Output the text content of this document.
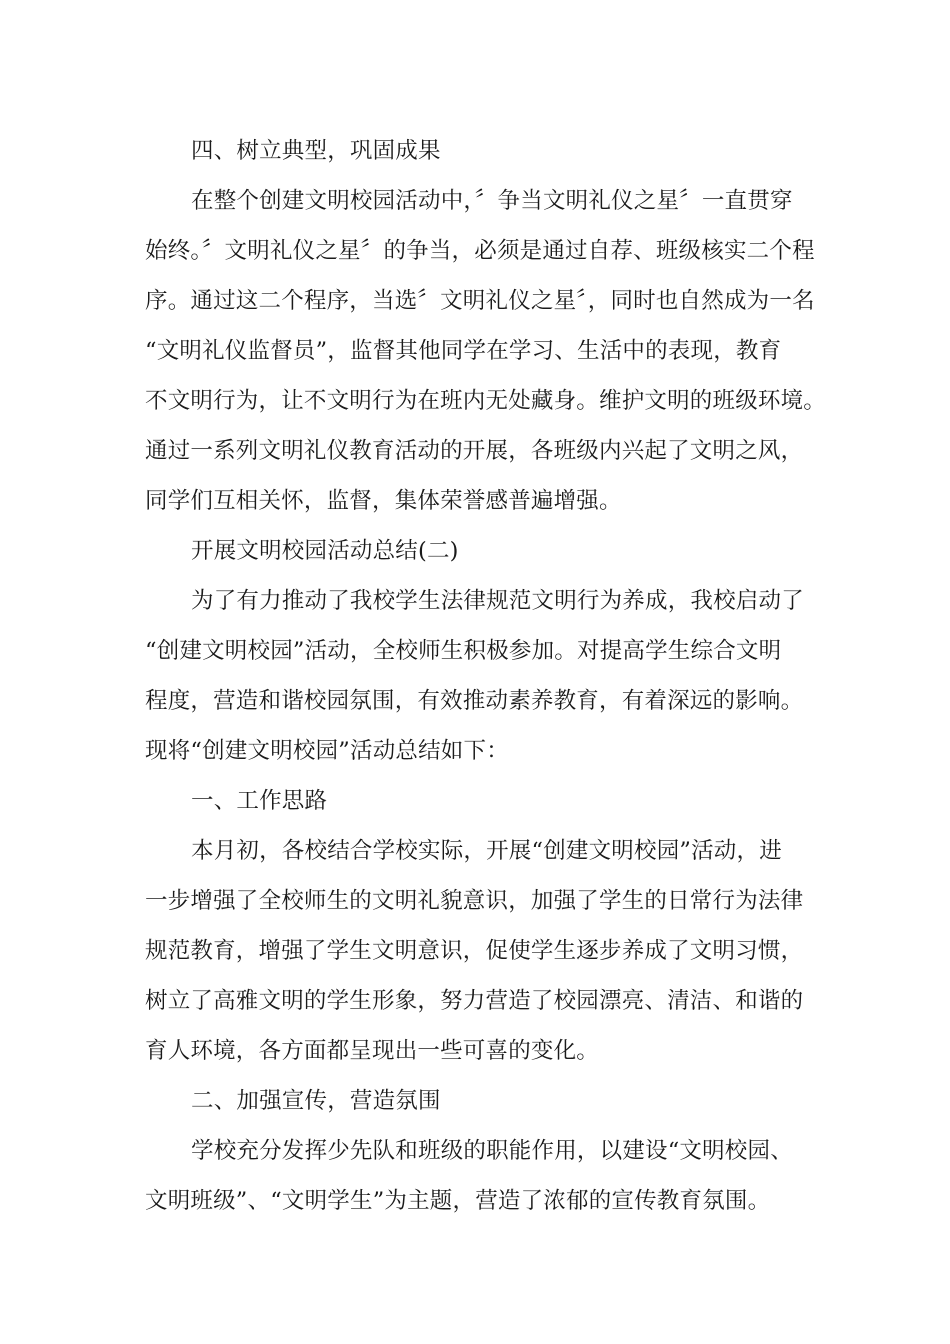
四、树立典型，巩固成果
在整个创建文明校园活动中，〞争当文明礼仪之星〞一直贯穿
始终。〞文明礼仪之星〞的争当，必须是通过自荐、班级核实二个程
序。通过这二个程序，当选〞文明礼仪之星〞，同时也自然成为一名
“文明礼仪监督员”，监督其他同学在学习、生活中的表现，教育
不文明行为，让不文明行为在班内无处藏身。维护文明的班级环境。
通过一系列文明礼仪教育活动的开展，各班级内兴起了文明之风，
同学们互相关怀，监督，集体荣誉感普遍增强。
开展文明校园活动总结(二)
为了有力推动了我校学生法律规范文明行为养成，我校启动了
“创建文明校园”活动，全校师生积极参加。对提高学生综合文明
程度，营造和谐校园氛围，有效推动素养教育，有着深远的影响。
现将“创建文明校园”活动总结如下：
一、工作思路
本月初，各校结合学校实际，开展“创建文明校园”活动，进
一步增强了全校师生的文明礼貌意识，加强了学生的日常行为法律
规范教育，增强了学生文明意识，促使学生逐步养成了文明习惯，
树立了高雅文明的学生形象，努力营造了校园漂亮、清洁、和谐的
育人环境，各方面都呈现出一些可喜的变化。
二、加强宣传，营造氛围
学校充分发挥少先队和班级的职能作用，以建设“文明校园、
文明班级”、“文明学生”为主题，营造了浓郁的宣传教育氛围。
